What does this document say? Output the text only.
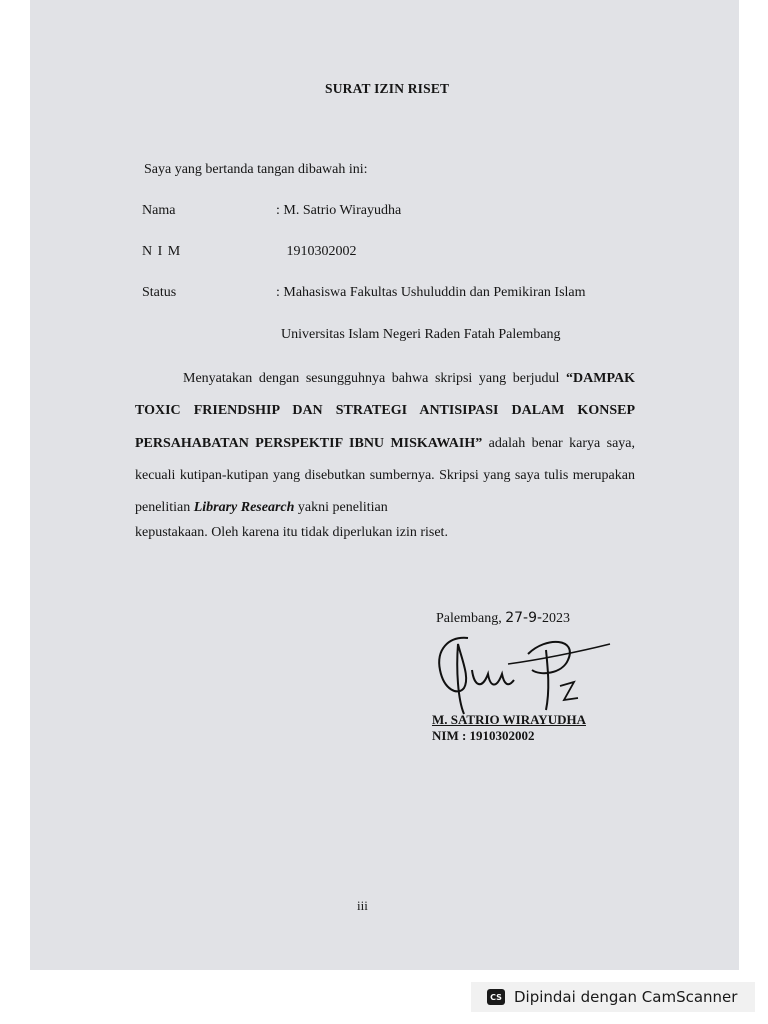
SURAT IZIN RISET
Saya yang bertanda tangan dibawah ini:
Nama	: M. Satrio Wirayudha
N I M	1910302002
Status	: Mahasiswa Fakultas Ushuluddin dan Pemikiran Islam
Universitas Islam Negeri Raden Fatah Palembang
Menyatakan dengan sesungguhnya bahwa skripsi yang berjudul “DAMPAK TOXIC FRIENDSHIP DAN STRATEGI ANTISIPASI DALAM KONSEP PERSAHABATAN PERSPEKTIF IBNU MISKAWAIH” adalah benar karya saya, kecuali kutipan-kutipan yang disebutkan sumbernya. Skripsi yang saya tulis merupakan penelitian Library Research yakni penelitian
kepustakaan. Oleh karena itu tidak diperlukan izin riset.
Palembang, 27-9-2023
M. SATRIO WIRAYUDHA
NIM : 1910302002
iii
CS Dipindai dengan CamScanner
